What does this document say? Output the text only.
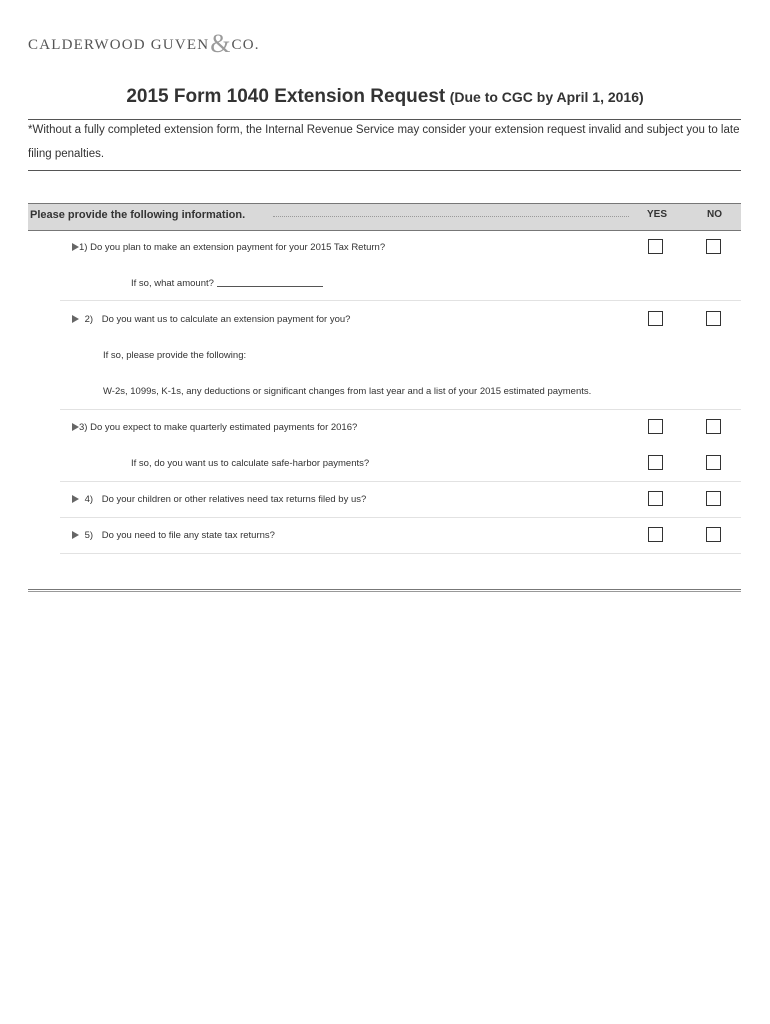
CALDERWOOD GUVEN&CO.
2015 Form 1040 Extension Request (Due to CGC by April 1, 2016)
*Without a fully completed extension form, the Internal Revenue Service may consider your extension request invalid and subject you to late filing penalties.
Please provide the following information.	YES	NO
1) Do you plan to make an extension payment for your 2015 Tax Return?
If so, what amount?
2) Do you want us to calculate an extension payment for you?
If so, please provide the following:
W-2s, 1099s, K-1s, any deductions or significant changes from last year and a list of your 2015 estimated payments.
3) Do you expect to make quarterly estimated payments for 2016?
If so, do you want us to calculate safe-harbor payments?
4) Do your children or other relatives need tax returns filed by us?
5) Do you need to file any state tax returns?
